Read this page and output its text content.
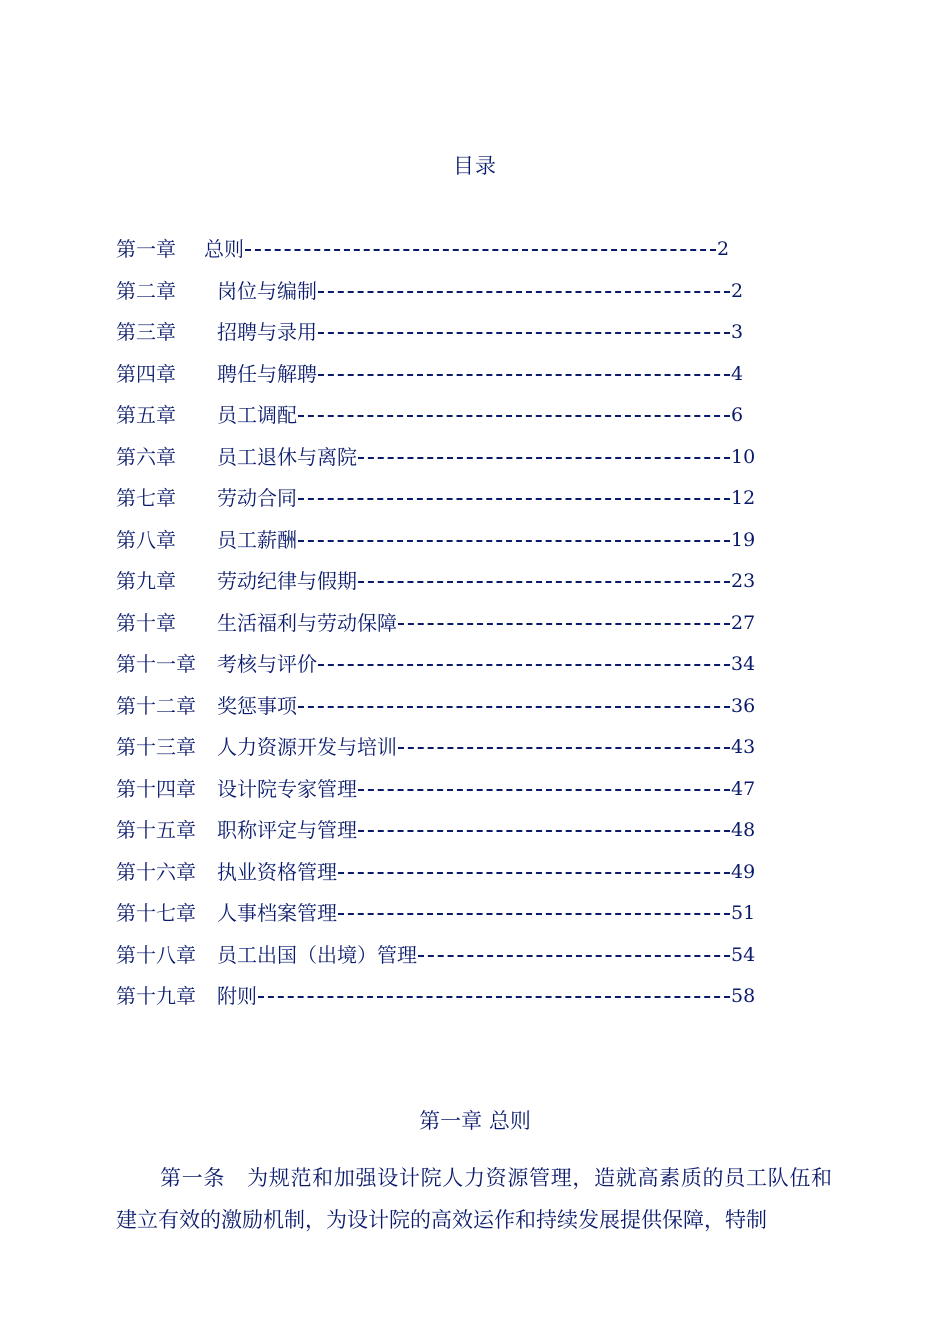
目录
第一章 总则	2
第二章 岗位与编制	2
第三章 招聘与录用	3
第四章 聘任与解聘	4
第五章 员工调配	6
第六章 员工退休与离院	10
第七章 劳动合同	12
第八章 员工薪酬	19
第九章 劳动纪律与假期	23
第十章 生活福利与劳动保障	27
第十一章 考核与评价	34
第十二章 奖惩事项	36
第十三章 人力资源开发与培训	43
第十四章 设计院专家管理	47
第十五章 职称评定与管理	48
第十六章 执业资格管理	49
第十七章 人事档案管理	51
第十八章 员工出国（出境）管理	54
第十九章 附则	58
第一章 总则

第一条 为规范和加强设计院人力资源管理，造就高素质的员工队伍和建立有效的激励机制，为设计院的高效运作和持续发展提供保障，特制
